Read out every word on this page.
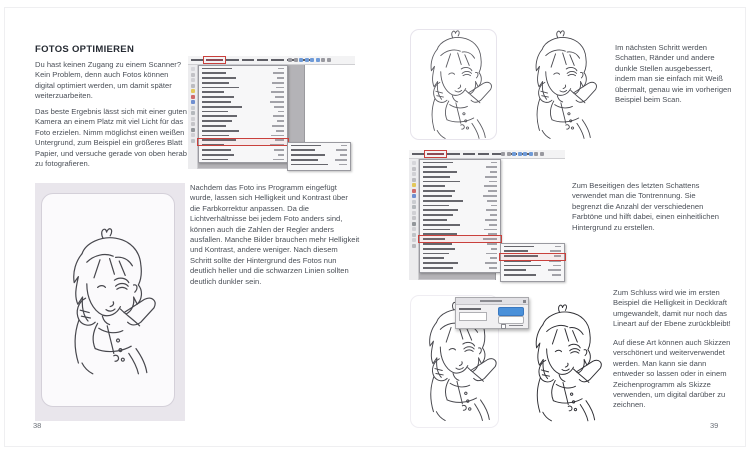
FOTOS OPTIMIEREN
Du hast keinen Zugang zu einem Scanner? Kein Problem, denn auch Fotos können digital optimiert werden, um damit später weiterzuarbeiten.
Das beste Ergebnis lässt sich mit einer guten Kamera an einem Platz mit viel Licht für das Foto erzielen. Nimm möglichst einen weißen Untergrund, zum Beispiel ein größeres Blatt Papier, und versuche gerade von oben herab zu fotografieren.
Nachdem das Foto ins Programm eingefügt wurde, lassen sich Helligkeit und Kontrast über die Farbkorrektur anpassen. Da die Lichtverhältnisse bei jedem Foto anders sind, können auch die Zahlen der Regler anders ausfallen. Manche Bilder brauchen mehr Helligkeit und Kontrast, andere weniger. Nach diesem Schritt sollte der Hintergrund des Fotos nun deutlich heller und die schwarzen Linien sollten deutlich dunkler sein.
38
Im nächsten Schritt werden Schatten, Ränder und andere dunkle Stellen ausgebessert, indem man sie einfach mit Weiß übermalt, genau wie im vorherigen Beispiel beim Scan.
Zum Beseitigen des letzten Schattens verwendet man die Tontrennung. Sie begrenzt die Anzahl der verschiedenen Farbtöne und hilft dabei, einen einheitlichen Hintergrund zu erstellen.
Zum Schluss wird wie im ersten Beispiel die Helligkeit in Deckkraft umgewandelt, damit nur noch das Lineart auf der Ebene zurückbleibt!
Auf diese Art können auch Skizzen verschönert und weiterverwendet werden. Man kann sie dann entweder so lassen oder in einem Zeichenprogramm als Skizze verwenden, um digital darüber zu zeichnen.
39
